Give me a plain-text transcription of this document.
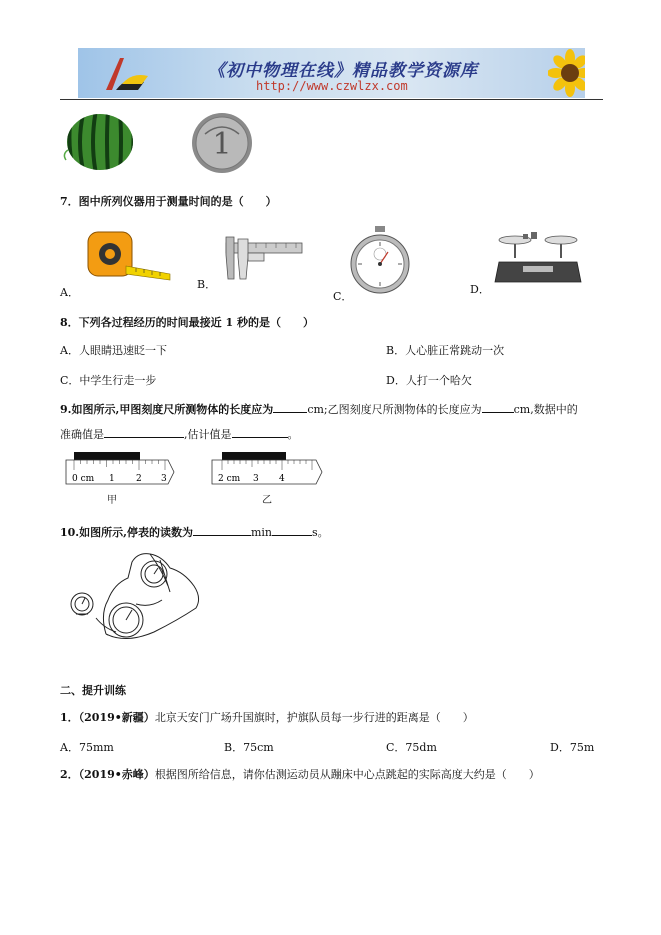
《初中物理在线》精品教学资源库
http://www.czwlzx.com
1
7．图中所列仪器用于测量时间的是（　　）
A．
B．
C．
D．
8．下列各过程经历的时间最接近 1 秒的是（　　）
A．人眼睛迅速眨一下	B．人心脏正常跳动一次
C．中学生行走一步	D．人打一个哈欠
9.如图所示,甲图刻度尺所测物体的长度应为	cm;乙图刻度尺所测物体的长度应为	cm,数据中的
准确值是	,估计值是	。
0 cm 1 2 3
甲
2 cm 3 4
乙
10.如图所示,停表的读数为	min	s。
二、提升训练
1．（2019•新疆）北京天安门广场升国旗时，护旗队员每一步行进的距离是（　　）
A．75mm	B．75cm	C．75dm	D．75m
2．（2019•赤峰）根据图所给信息，请你估测运动员从蹦床中心点跳起的实际高度大约是（　　）
